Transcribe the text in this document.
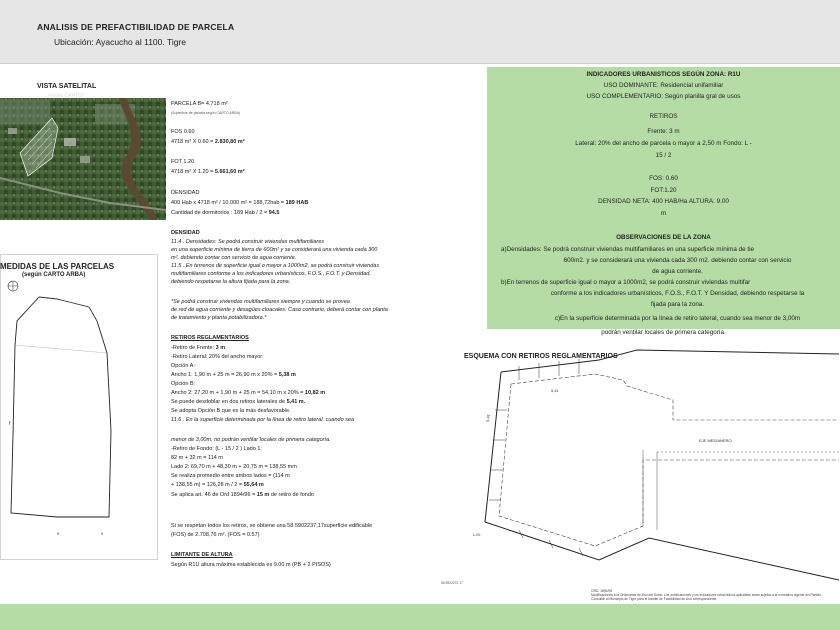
ANALISIS DE PREFACTIBILIDAD DE PARCELA
Ubicación: Ayacucho al 1100. Tigre
VISTA SATELITAL
(según CARTO)
f
9	9
MEDIDAS DE LAS PARCELAS
(según CARTO ARBA)
PARCELA B= 4.718 m²
(Superficie de parcela según CARTO ARBA)
FOS 0.60
4718 m² X 0.60 = 2.830,80 m²
FOT 1.20
4718 m² X 1.20 = 5.661,60 m²
DENSIDAD
400 Hab x 4718 m² / 10.000 m² = 188,72hab = 189 HAB
Cantidad de dormitorios : 189 Hab / 2 = 94.5
DENSIDAD
11.4 . Densidades: Se podrá construir viviendas multifamiliares
en una superficie mínima de tierra de 600m² y se considerará una vivienda cada 300
m². debiendo contar con servicio de agua corriente.
11.5 . En terrenos de superficie igual o mayor a 1000m2, se podrá construir viviendas
multifamiliares conforme a los indicadores urbanísticos, F.O.S., F.O.T. y Densidad,
debiendo respetarse la altura fijada para la zona.
*Se podrá construir viviendas multifamiliares siempre y cuando se provea
de red de agua corriente y desagües cloacales. Caso contrario, deberá contar con planta
de tratamiento y planta potabilizadora.*
RETIROS REGLAMENTARIOS
-Retiro de Frente: 3 m
-Retiro Lateral: 20% del ancho mayor:
Opción A:
Ancho 1: 1,90 m + 25 m = 26,90 m x 20% = 5,38 m
Opción B:
Ancho 2: 27,20 m + 1,90 m + 25 m = 54,10 m x 20% = 10,82 m
Se puede desdoblar en dos retiros laterales de 5,41 m.
Se adopta Opción B que es la más desfavorable.
11.6 . En la superficie determinada por la línea de retiro lateral, cuando sea
menor de 3,00m, no podrán ventilar locales de primera categoría.
-Retiro de Fondo: (L - 15 / 2 ) Lado 1:
82 m + 32 m = 114 m
Lado 2: 69,70 m + 48,30 m + 20,75 m = 138,55 mm
Se realiza promedio entre ambos lados = (114 m
+ 138,55 m) = 126,28 m / 2 = 55,64 m
Se aplica art. 46 de Ord 1894/96 = 15 m de retiro de fondo
Si se respetan todos los retiros, se obtiene una 58.5902237,17superficie edificable
(FOS) de 2.708,76 m². (FOS = 0.57)
LIMITANTE DE ALTURA
Según R1U altura máxima establecida es 9.00 m (PB + 2 PISOS)
INDICADORES URBANISTICOS SEGÚN ZONA: R1U
USO DOMINANTE: Residencial unifamiliar
USO COMPLEMENTARIO: Según planilla gral de usos
RETIROS
Frente: 3 m
Lateral: 20% del ancho de parcela o mayor a 2,50 m Fondo: L -
15 / 2
FOS: 0.60
FOT:1.20
DENSIDAD NETA: 400 HAB/Ha ALTURA: 9.00
m
OBSERVACIONES DE LA ZONA
a)Densidades: Se podrá construir viviendas multifamiliares en una superficie mínima de tie
600m2. y se considerará una vivienda cada 300 m2. debiendo contar con servicio
de agua corriente.
b)En terrenos de superficie igual o mayor a 1000m2, se podrá construir viviendas multifar
conforme a los indicadores urbanísticos, F.O.S., F.O.T. Y Densidad, debiendo respetarse la
fijada para la zona.
c)En la superficie determinada por la línea de retiro lateral, cuando sea menor de 3,00m
podrán ventilar locales de primera categoría.
5,41
5,41
EJE MEDIANERO
L.M.
ESQUEMA CON RETIROS REGLAMENTARIOS
58.5902237,17
ORD. 1894/96
Modificaciones a la Ordenanza de Uso del Suelo. Las zonificaciones y los indicadores urbanísticos aplicables están sujetos a la normativa vigente del Partido.
Consultar al Municipio de Tigre para el trámite de Factibilidad de Uso correspondiente.
